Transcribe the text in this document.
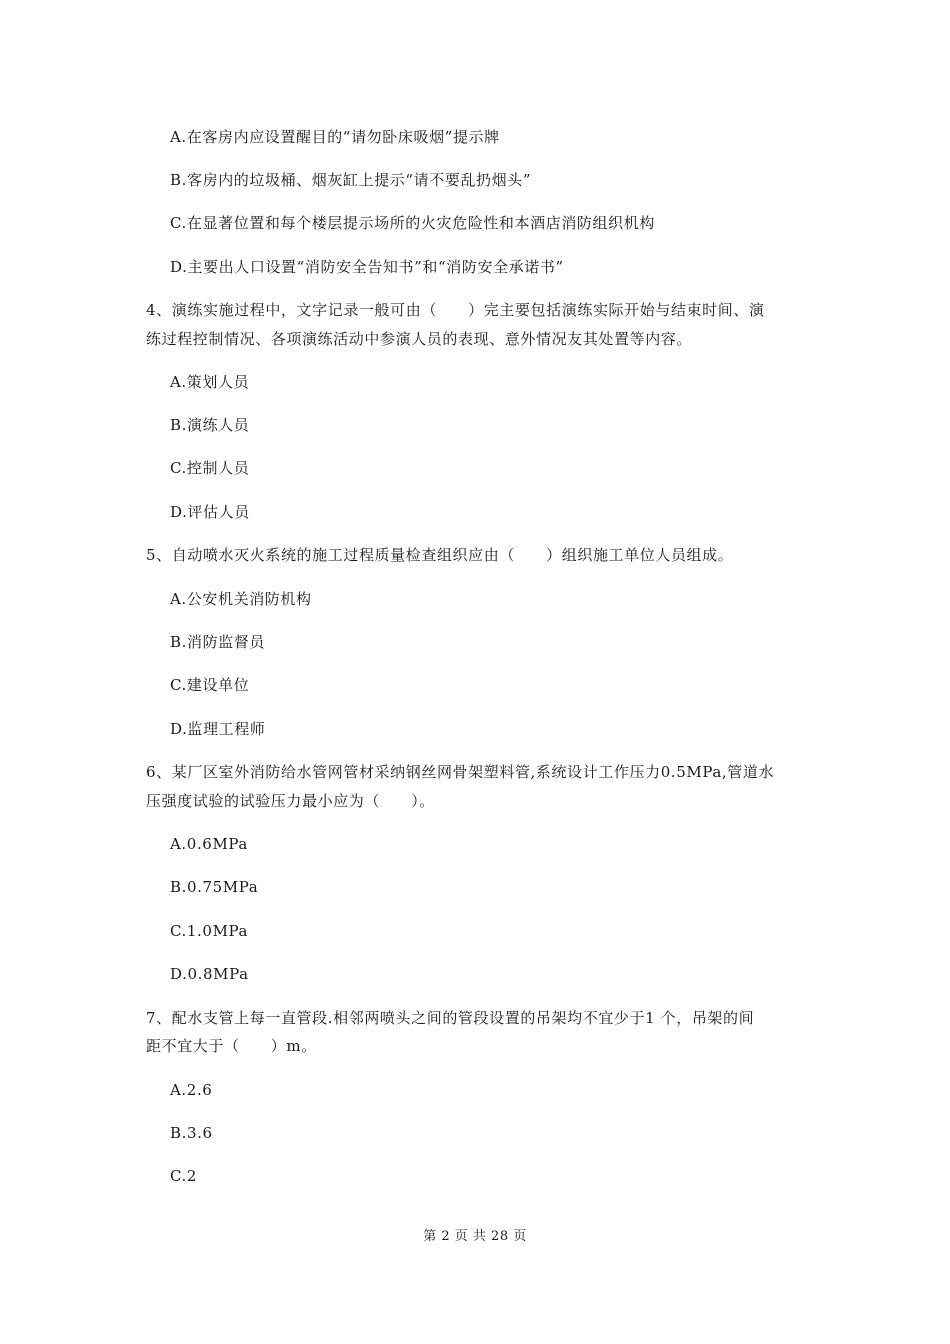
A.在客房内应设置醒目的“请勿卧床吸烟”提示牌
B.客房内的垃圾桶、烟灰缸上提示“请不要乱扔烟头”
C.在显著位置和每个楼层提示场所的火灾危险性和本酒店消防组织机构
D.主要出人口设置“消防安全告知书”和“消防安全承诺书”
4、演练实施过程中，文字记录一般可由（　　）完主要包括演练实际开始与结束时间、演
练过程控制情况、各项演练活动中参演人员的表现、意外情况友其处置等内容。
A.策划人员
B.演练人员
C.控制人员
D.评估人员
5、自动喷水灭火系统的施工过程质量检查组织应由（　　）组织施工单位人员组成。
A.公安机关消防机构
B.消防监督员
C.建设单位
D.监理工程师
6、某厂区室外消防给水管网管材采纳钢丝网骨架塑料管,系统设计工作压力0.5MPa,管道水
压强度试验的试验压力最小应为（　　）。
A.0.6MPa
B.0.75MPa
C.1.0MPa
D.0.8MPa
7、配水支管上每一直管段.相邻两喷头之间的管段设置的吊架均不宜少于1 个，吊架的间
距不宜大于（　　）m。
A.2.6
B.3.6
C.2
第 2 页 共 28 页
